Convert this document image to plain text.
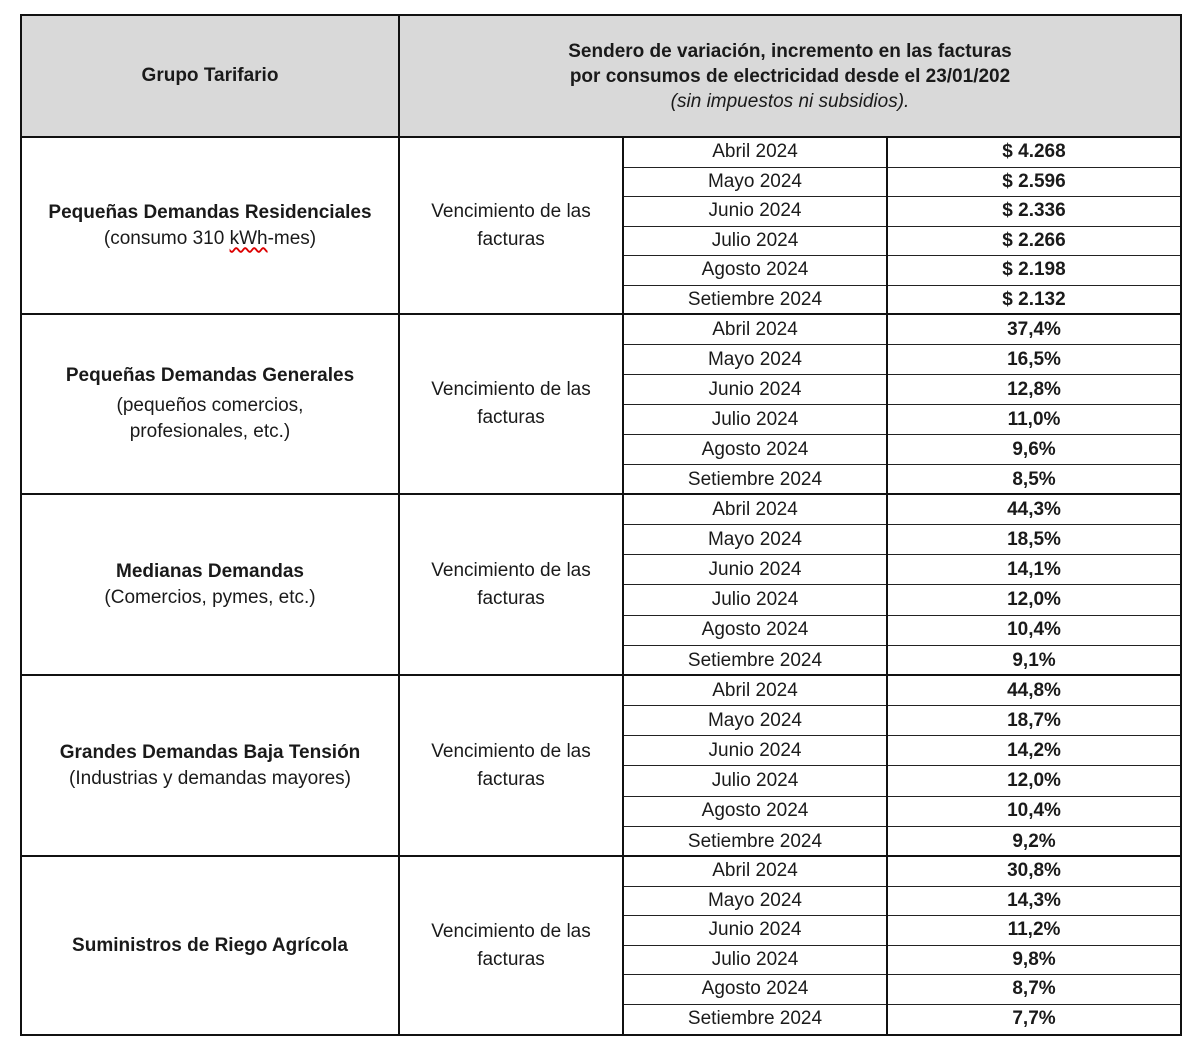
Grupo Tarifario
Sendero de variación, incremento en las facturas
por consumos de electricidad desde el 23/01/202
(sin impuestos ni subsidios).
Pequeñas Demandas Residenciales
(consumo 310 kWh-mes)
Vencimiento de las facturas
Abril 2024	$ 4.268
Mayo 2024	$ 2.596
Junio 2024	$ 2.336
Julio 2024	$ 2.266
Agosto 2024	$ 2.198
Setiembre 2024	$ 2.132
Pequeñas Demandas Generales
(pequeños comercios,
profesionales, etc.)
Vencimiento de las facturas
Abril 2024	37,4%
Mayo 2024	16,5%
Junio 2024	12,8%
Julio 2024	11,0%
Agosto 2024	9,6%
Setiembre 2024	8,5%
Medianas Demandas
(Comercios, pymes, etc.)
Vencimiento de las facturas
Abril 2024	44,3%
Mayo 2024	18,5%
Junio 2024	14,1%
Julio 2024	12,0%
Agosto 2024	10,4%
Setiembre 2024	9,1%
Grandes Demandas Baja Tensión
(Industrias y demandas mayores)
Vencimiento de las facturas
Abril 2024	44,8%
Mayo 2024	18,7%
Junio 2024	14,2%
Julio 2024	12,0%
Agosto 2024	10,4%
Setiembre 2024	9,2%
Suministros de Riego Agrícola
Vencimiento de las facturas
Abril 2024	30,8%
Mayo 2024	14,3%
Junio 2024	11,2%
Julio 2024	9,8%
Agosto 2024	8,7%
Setiembre 2024	7,7%
